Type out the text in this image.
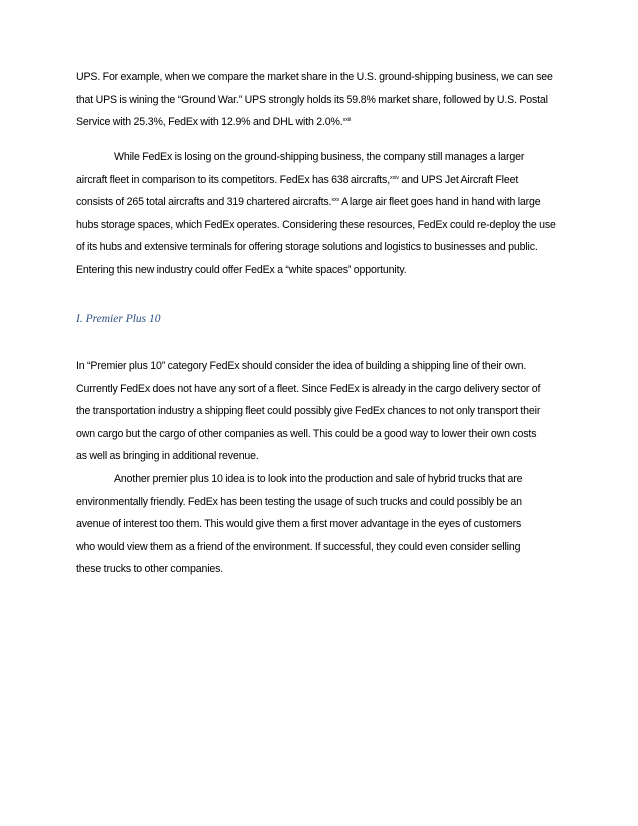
UPS. For example, when we compare the market share in the U.S. ground-shipping business, we can see
that UPS is wining the “Ground War.” UPS strongly holds its 59.8% market share, followed by U.S. Postal
Service with 25.3%, FedEx with 12.9% and DHL with 2.0%.$^{xxiii}$
While FedEx is losing on the ground-shipping business, the company still manages a larger
aircraft fleet in comparison to its competitors. FedEx has 638 aircrafts,$^{xxiv}$ and UPS Jet Aircraft Fleet
consists of 265 total aircrafts and 319 chartered aircrafts.$^{xxv}$ A large air fleet goes hand in hand with large
hubs storage spaces, which FedEx operates. Considering these resources, FedEx could re-deploy the use
of its hubs and extensive terminals for offering storage solutions and logistics to businesses and public.
Entering this new industry could offer FedEx a “white spaces” opportunity.
I. Premier Plus 10
In “Premier plus 10” category FedEx should consider the idea of building a shipping line of their own.
Currently FedEx does not have any sort of a fleet. Since FedEx is already in the cargo delivery sector of
the transportation industry a shipping fleet could possibly give FedEx chances to not only transport their
own cargo but the cargo of other companies as well. This could be a good way to lower their own costs
as well as bringing in additional revenue.
Another premier plus 10 idea is to look into the production and sale of hybrid trucks that are
environmentally friendly. FedEx has been testing the usage of such trucks and could possibly be an
avenue of interest too them. This would give them a first mover advantage in the eyes of customers
who would view them as a friend of the environment. If successful, they could even consider selling
these trucks to other companies.
